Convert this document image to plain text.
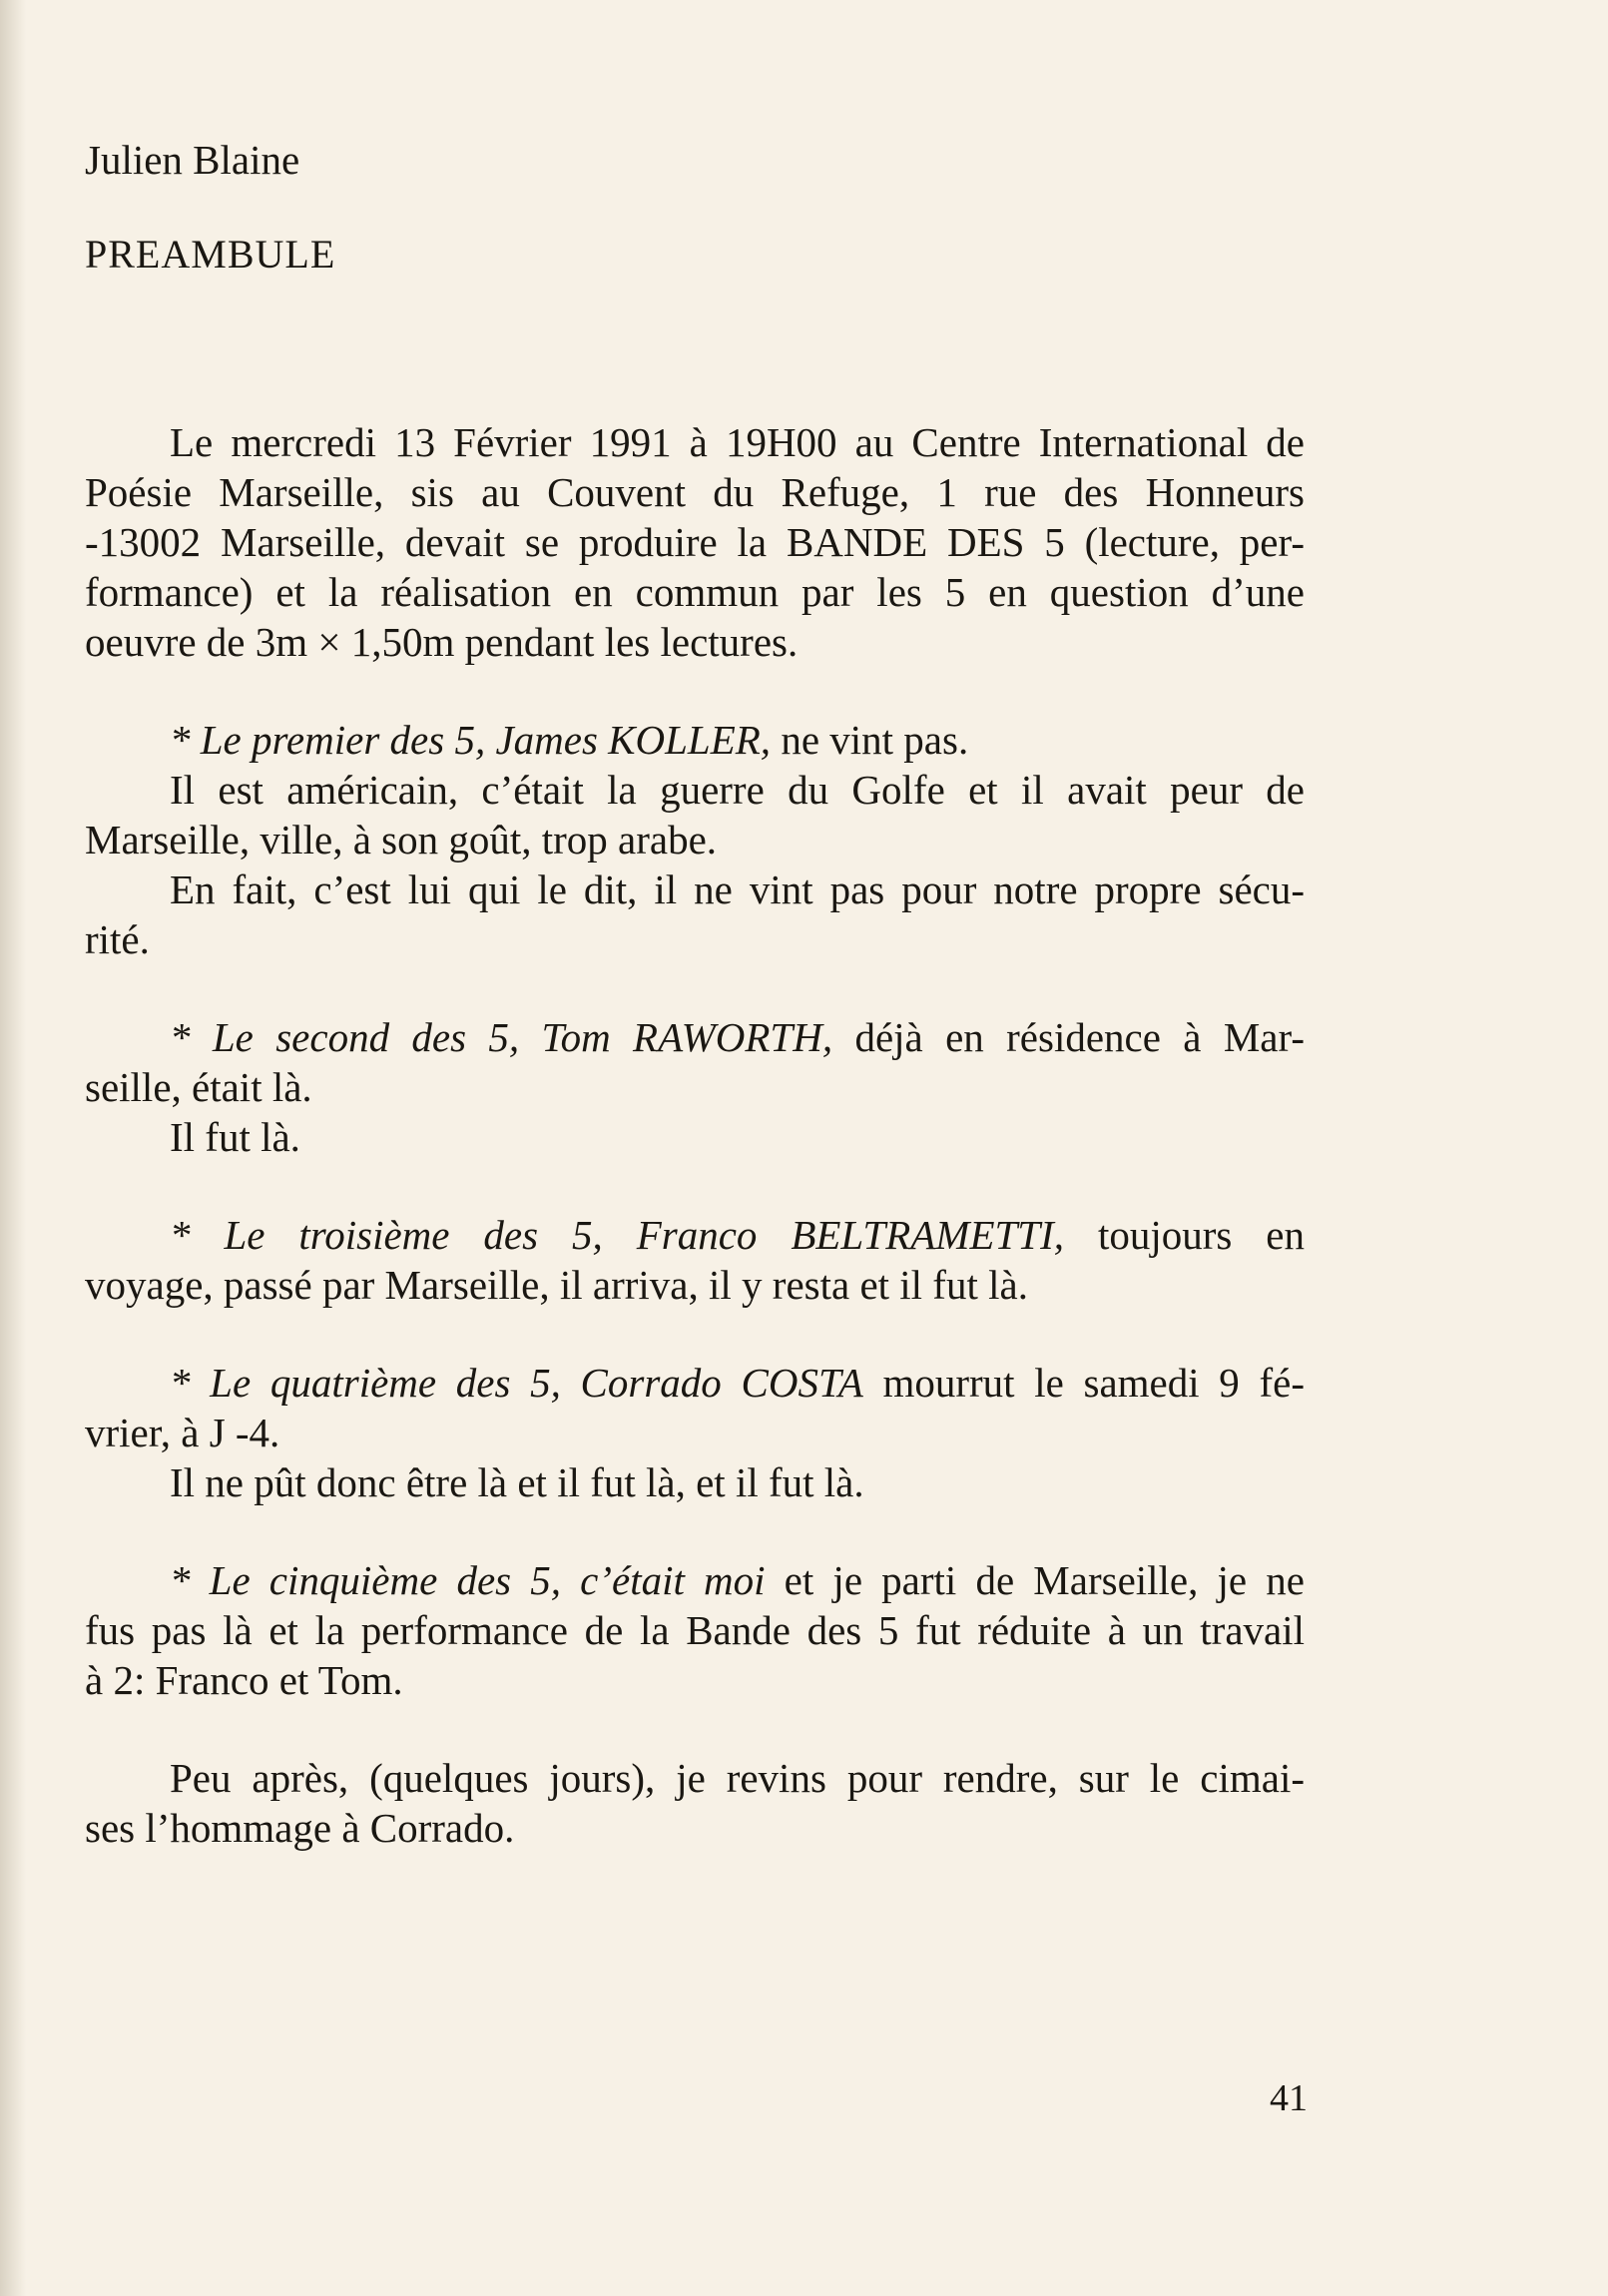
Julien Blaine

PREAMBULE

Le mercredi 13 Février 1991 à 19H00 au Centre International de
Poésie Marseille, sis au Couvent du Refuge, 1 rue des Honneurs
-13002 Marseille, devait se produire la BANDE DES 5 (lecture, per-
formance) et la réalisation en commun par les 5 en question d’une
oeuvre de 3m × 1,50m pendant les lectures.

* Le premier des 5, James KOLLER, ne vint pas.

Il est américain, c’était la guerre du Golfe et il avait peur de
Marseille, ville, à son goût, trop arabe.

En fait, c’est lui qui le dit, il ne vint pas pour notre propre sécu-
rité.

* Le second des 5, Tom RAWORTH, déjà en résidence à Mar-
seille, était là.

Il fut là.

* Le troisième des 5, Franco BELTRAMETTI, toujours en
voyage, passé par Marseille, il arriva, il y resta et il fut là.

* Le quatrième des 5, Corrado COSTA mourrut le samedi 9 fé-
vrier, à J -4.

Il ne pût donc être là et il fut là, et il fut là.

* Le cinquième des 5, c’était moi et je parti de Marseille, je ne
fus pas là et la performance de la Bande des 5 fut réduite à un travail
à 2: Franco et Tom.

Peu après, (quelques jours), je revins pour rendre, sur le cimai-
ses l’hommage à Corrado.

41
